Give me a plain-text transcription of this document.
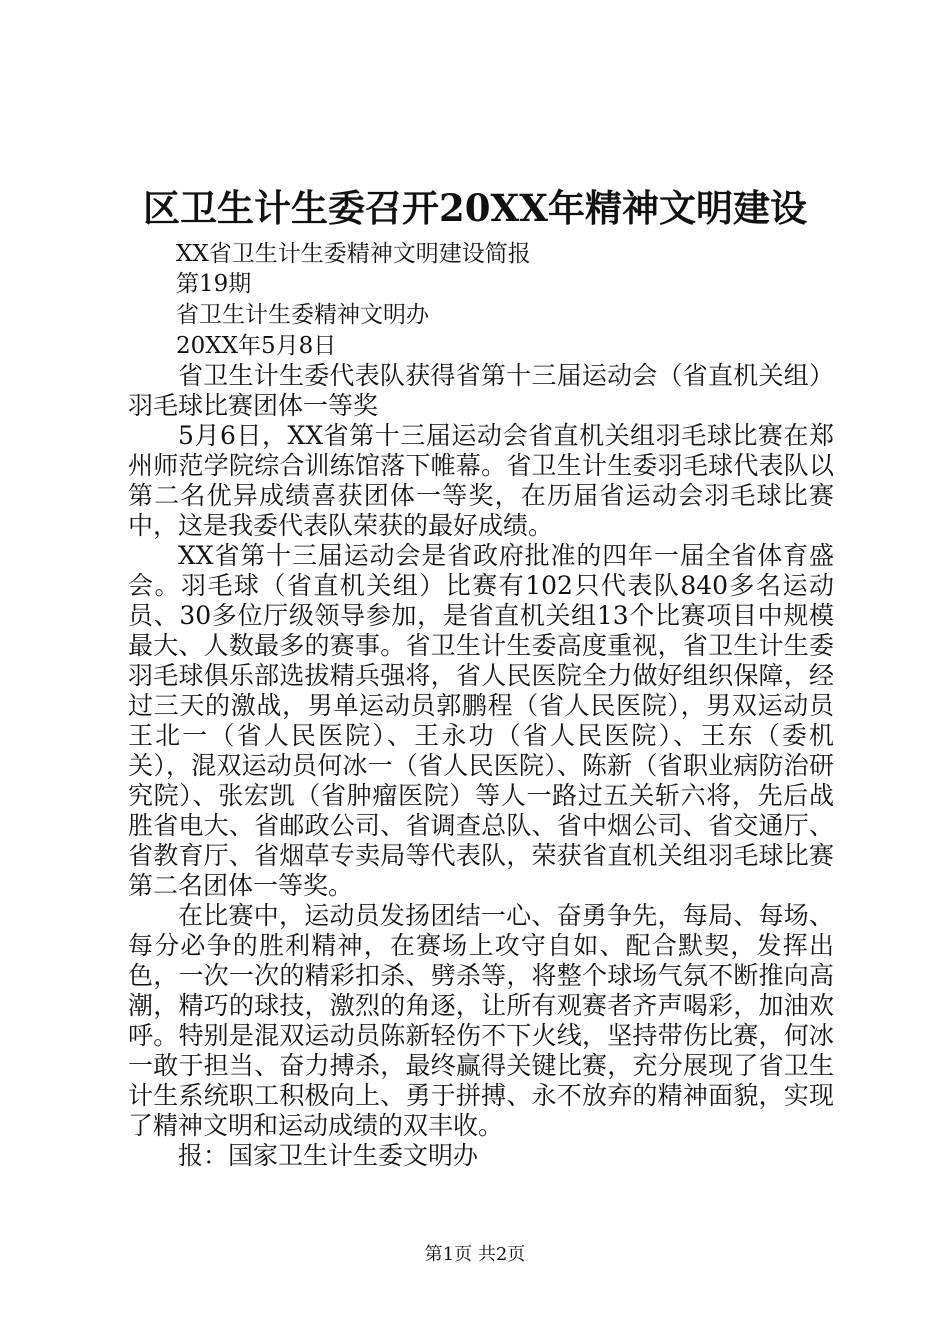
区卫生计生委召开20XX年精神文明建设
XX省卫生计生委精神文明建设简报
第19期
省卫生计生委精神文明办
20XX年5月8日

省卫生计生委代表队获得省第十三届运动会（省直机关组）羽毛球比赛团体一等奖

5月6日，XX省第十三届运动会省直机关组羽毛球比赛在郑州师范学院综合训练馆落下帷幕。省卫生计生委羽毛球代表队以第二名优异成绩喜获团体一等奖，在历届省运动会羽毛球比赛中，这是我委代表队荣获的最好成绩。

XX省第十三届运动会是省政府批准的四年一届全省体育盛会。羽毛球（省直机关组）比赛有102只代表队840多名运动员、30多位厅级领导参加，是省直机关组13个比赛项目中规模最大、人数最多的赛事。省卫生计生委高度重视，省卫生计生委羽毛球俱乐部选拔精兵强将，省人民医院全力做好组织保障，经过三天的激战，男单运动员郭鹏程（省人民医院），男双运动员王北一（省人民医院）、王永功（省人民医院）、王东（委机关），混双运动员何冰一（省人民医院）、陈新（省职业病防治研究院）、张宏凯（省肿瘤医院）等人一路过五关斩六将，先后战胜省电大、省邮政公司、省调查总队、省中烟公司、省交通厅、省教育厅、省烟草专卖局等代表队，荣获省直机关组羽毛球比赛第二名团体一等奖。

在比赛中，运动员发扬团结一心、奋勇争先，每局、每场、每分必争的胜利精神，在赛场上攻守自如、配合默契，发挥出色，一次一次的精彩扣杀、劈杀等，将整个球场气氛不断推向高潮，精巧的球技，激烈的角逐，让所有观赛者齐声喝彩，加油欢呼。特别是混双运动员陈新轻伤不下火线，坚持带伤比赛，何冰一敢于担当、奋力搏杀，最终赢得关键比赛，充分展现了省卫生计生系统职工积极向上、勇于拼搏、永不放弃的精神面貌，实现了精神文明和运动成绩的双丰收。

报：国家卫生计生委文明办

第1页 共2页
